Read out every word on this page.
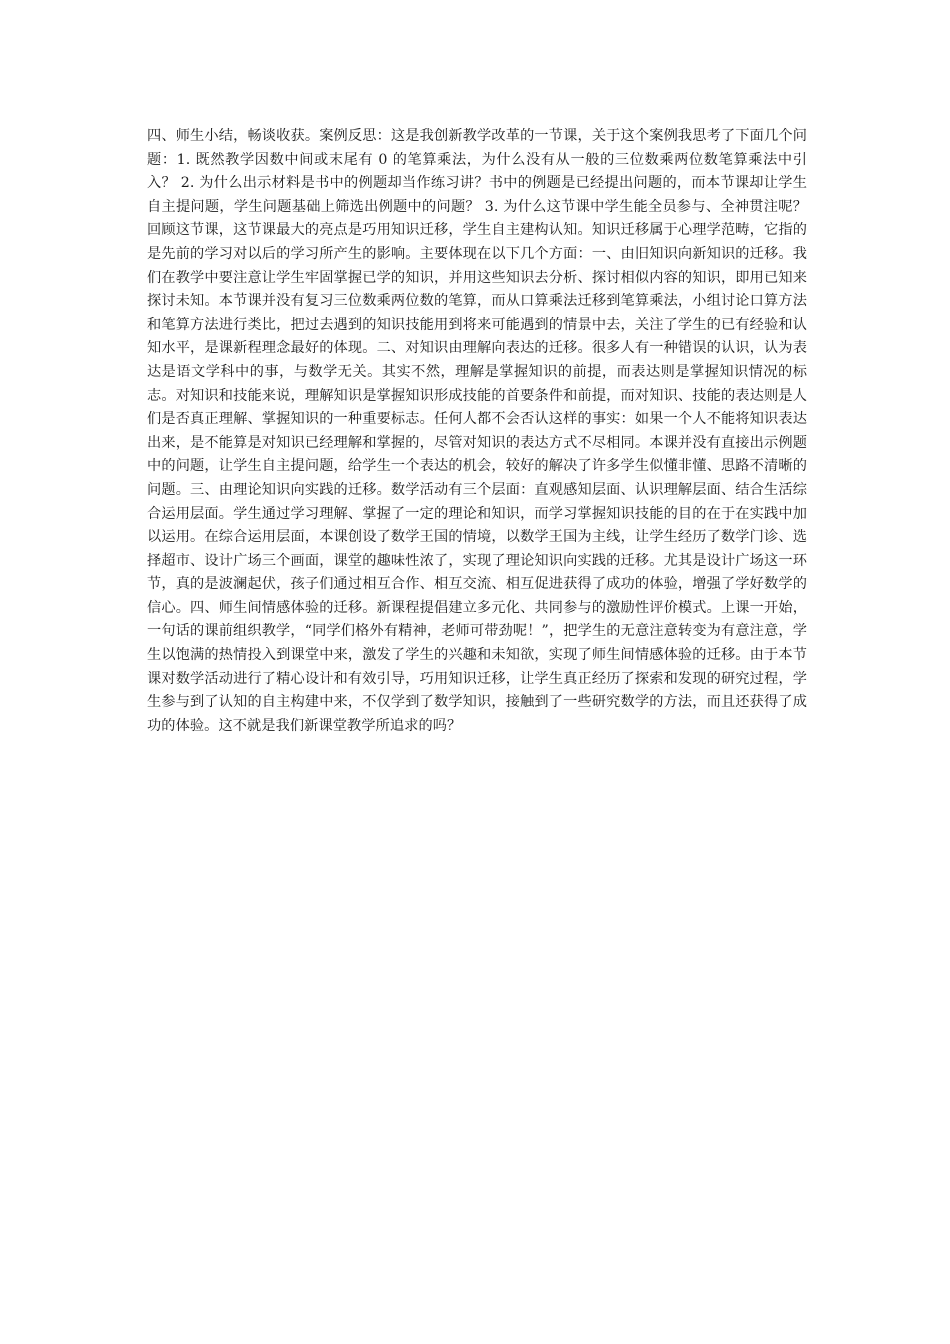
四、师生小结，畅谈收获。案例反思：这是我创新教学改革的一节课，关于这个案例我思考了下面几个问题：1. 既然教学因数中间或末尾有 0 的笔算乘法，为什么没有从一般的三位数乘两位数笔算乘法中引入？ 2. 为什么出示材料是书中的例题却当作练习讲？书中的例题是已经提出问题的，而本节课却让学生自主提问题，学生问题基础上筛选出例题中的问题？ 3. 为什么这节课中学生能全员参与、全神贯注呢？回顾这节课，这节课最大的亮点是巧用知识迁移，学生自主建构认知。知识迁移属于心理学范畴，它指的是先前的学习对以后的学习所产生的影响。主要体现在以下几个方面：一、由旧知识向新知识的迁移。我们在教学中要注意让学生牢固掌握已学的知识，并用这些知识去分析、探讨相似内容的知识，即用已知来探讨未知。本节课并没有复习三位数乘两位数的笔算，而从口算乘法迁移到笔算乘法，小组讨论口算方法和笔算方法进行类比，把过去遇到的知识技能用到将来可能遇到的情景中去，关注了学生的已有经验和认知水平，是课新程理念最好的体现。二、对知识由理解向表达的迁移。很多人有一种错误的认识，认为表达是语文学科中的事，与数学无关。其实不然，理解是掌握知识的前提，而表达则是掌握知识情况的标志。对知识和技能来说，理解知识是掌握知识形成技能的首要条件和前提，而对知识、技能的表达则是人们是否真正理解、掌握知识的一种重要标志。任何人都不会否认这样的事实：如果一个人不能将知识表达出来，是不能算是对知识已经理解和掌握的，尽管对知识的表达方式不尽相同。本课并没有直接出示例题中的问题，让学生自主提问题，给学生一个表达的机会，较好的解决了许多学生似懂非懂、思路不清晰的问题。三、由理论知识向实践的迁移。数学活动有三个层面：直观感知层面、认识理解层面、结合生活综合运用层面。学生通过学习理解、掌握了一定的理论和知识，而学习掌握知识技能的目的在于在实践中加以运用。在综合运用层面，本课创设了数学王国的情境，以数学王国为主线，让学生经历了数学门诊、选择超市、设计广场三个画面，课堂的趣味性浓了，实现了理论知识向实践的迁移。尤其是设计广场这一环节，真的是波澜起伏，孩子们通过相互合作、相互交流、相互促进获得了成功的体验，增强了学好数学的信心。四、师生间情感体验的迁移。新课程提倡建立多元化、共同参与的激励性评价模式。上课一开始，一句话的课前组织教学，“同学们格外有精神，老师可带劲呢！”，把学生的无意注意转变为有意注意，学生以饱满的热情投入到课堂中来，激发了学生的兴趣和未知欲，实现了师生间情感体验的迁移。由于本节课对数学活动进行了精心设计和有效引导，巧用知识迁移，让学生真正经历了探索和发现的研究过程，学生参与到了认知的自主构建中来，不仅学到了数学知识，接触到了一些研究数学的方法，而且还获得了成功的体验。这不就是我们新课堂教学所追求的吗？
